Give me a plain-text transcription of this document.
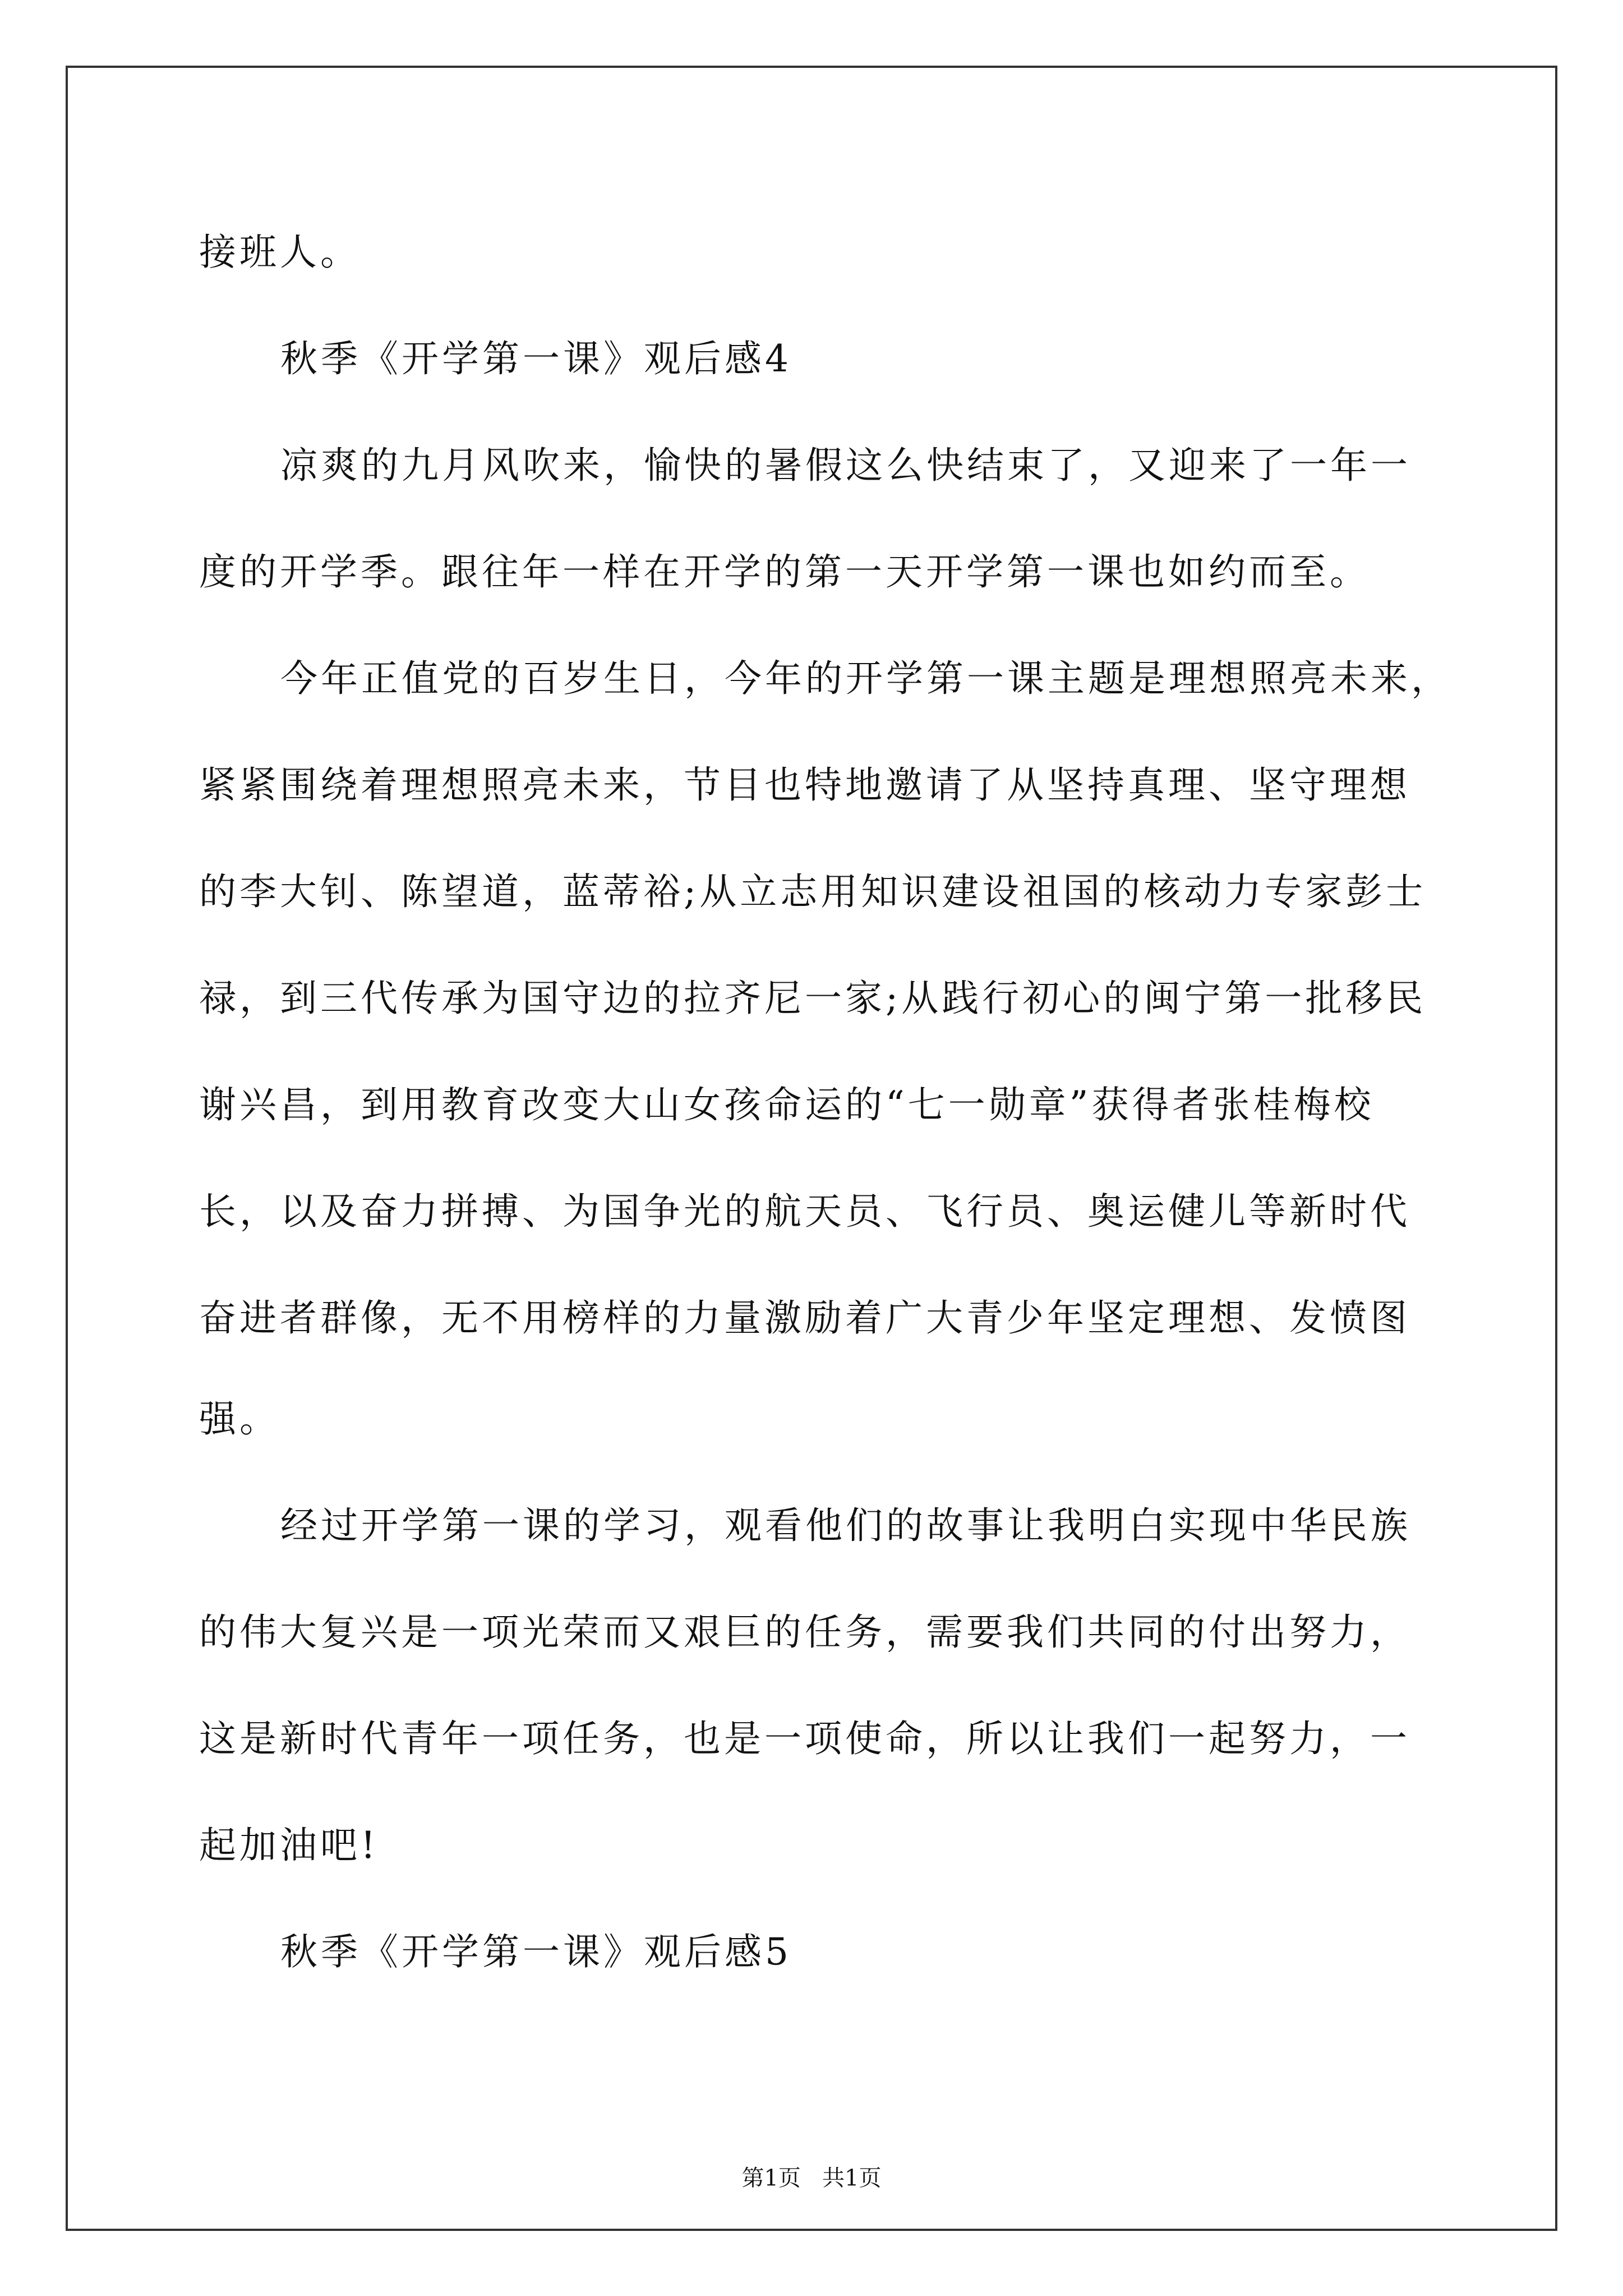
接班人。
秋季《开学第一课》观后感4
凉爽的九月风吹来，愉快的暑假这么快结束了，又迎来了一年一
度的开学季。跟往年一样在开学的第一天开学第一课也如约而至。
今年正值党的百岁生日，今年的开学第一课主题是理想照亮未来，
紧紧围绕着理想照亮未来，节目也特地邀请了从坚持真理、坚守理想
的李大钊、陈望道，蓝蒂裕;从立志用知识建设祖国的核动力专家彭士
禄，到三代传承为国守边的拉齐尼一家;从践行初心的闽宁第一批移民
谢兴昌，到用教育改变大山女孩命运的“七一勋章”获得者张桂梅校
长，以及奋力拼搏、为国争光的航天员、飞行员、奥运健儿等新时代
奋进者群像，无不用榜样的力量激励着广大青少年坚定理想、发愤图
强。
经过开学第一课的学习，观看他们的故事让我明白实现中华民族
的伟大复兴是一项光荣而又艰巨的任务，需要我们共同的付出努力，
这是新时代青年一项任务，也是一项使命，所以让我们一起努力，一
起加油吧!
秋季《开学第一课》观后感5
第1页   共1页
